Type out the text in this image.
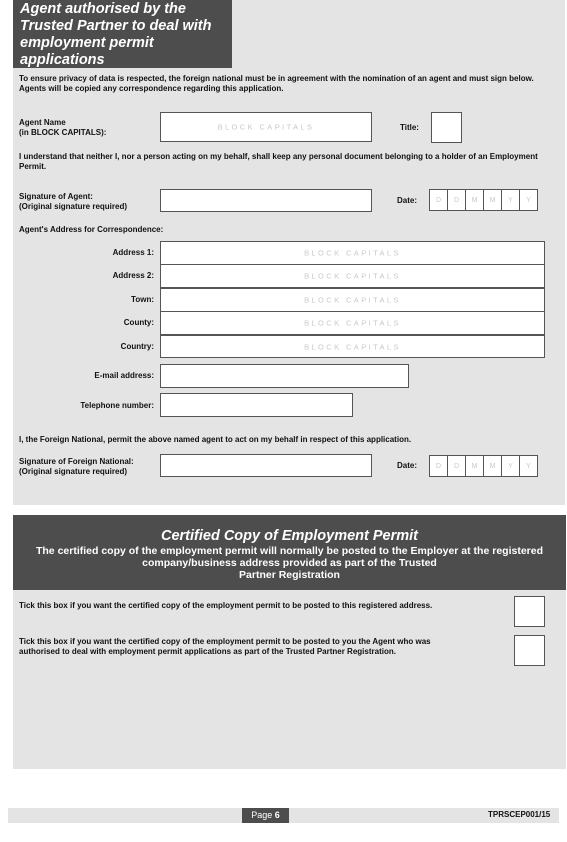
Agent authorised by the Trusted Partner to deal with employment permit applications
To ensure privacy of data is respected, the foreign national must be in agreement with the nomination of an agent and must sign below. Agents will be copied any correspondence regarding this application.
Agent Name
(in BLOCK CAPITALS):
BLOCK CAPITALS	Title:
I understand that neither I, nor a person acting on my behalf, shall keep any personal document belonging to a holder of an Employment Permit.
Signature of Agent:
(Original signature required)
Date:	D	D	M	M	Y	Y
Agent's Address for Correspondence:
Address 1:	BLOCK CAPITALS
Address 2:	BLOCK CAPITALS
Town:	BLOCK CAPITALS
County:	BLOCK CAPITALS
Country:	BLOCK CAPITALS
E-mail address:
Telephone number:
I, the Foreign National, permit the above named agent to act on my behalf in respect of this application.
Signature of Foreign National:
(Original signature required)
Date:	D	D	M	M	Y	Y
Certified Copy of Employment Permit
The certified copy of the employment permit will normally be posted to the Employer at the registered
company/business address provided as part of the Trusted
Partner Registration
Tick this box if you want the certified copy of the employment permit to be posted to this registered address.
Tick this box if you want the certified copy of the employment permit to be posted to you the Agent who was
authorised to deal with employment permit applications as part of the Trusted Partner Registration.
Page 6	TPRSCEP001/15
